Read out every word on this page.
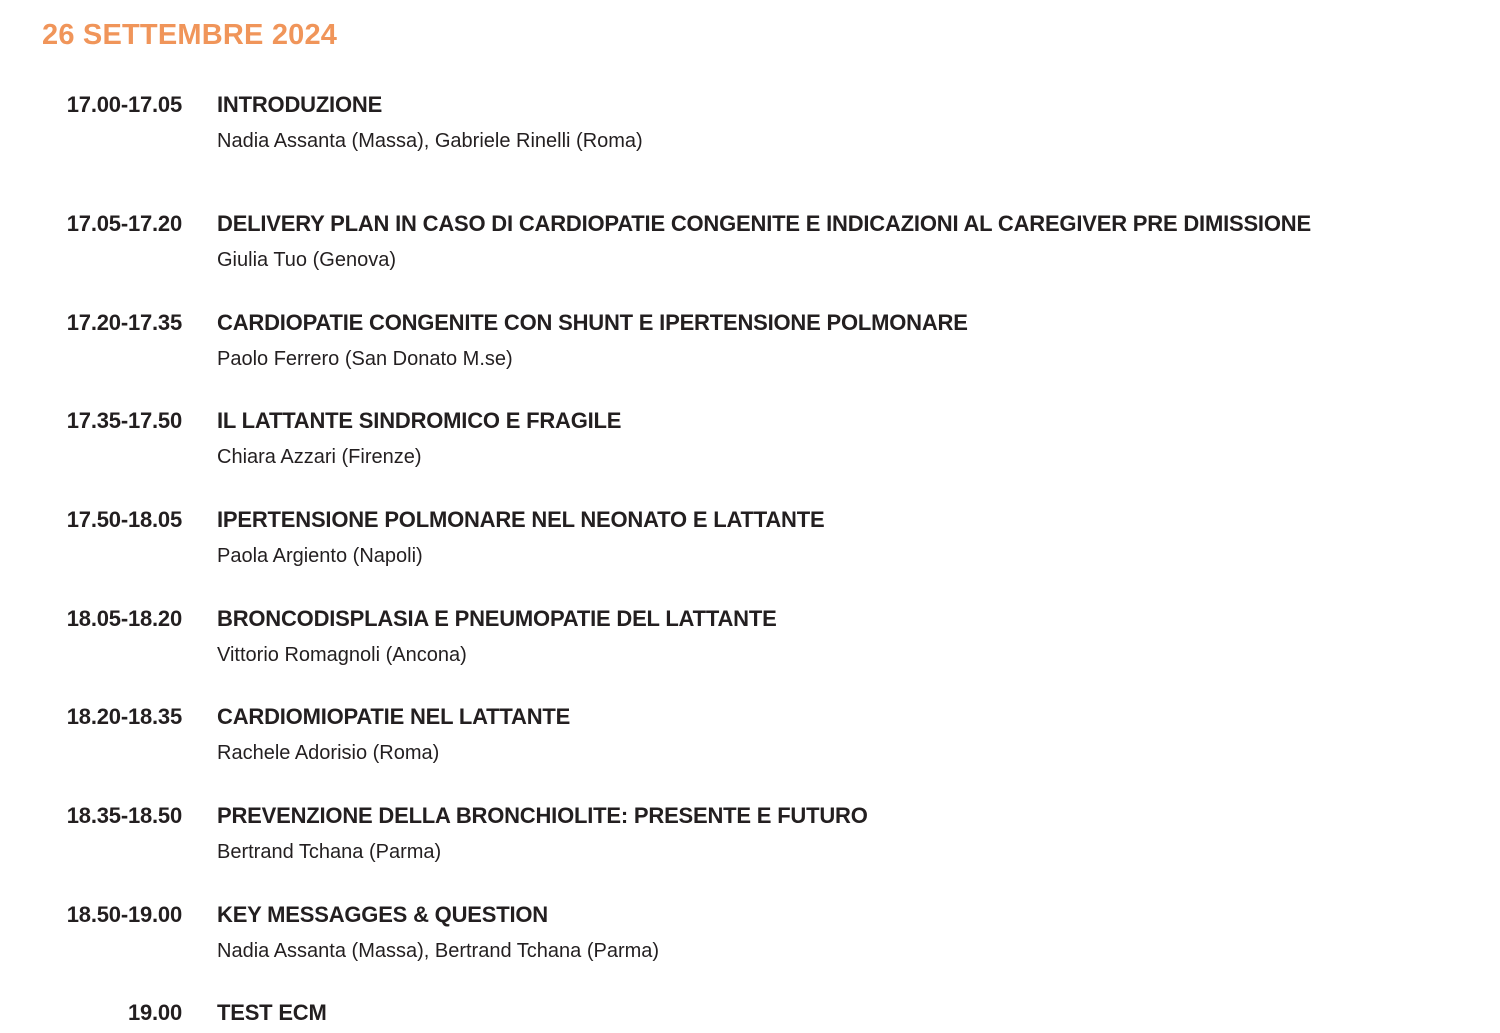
26 SETTEMBRE 2024
17.00-17.05 INTRODUZIONE
Nadia Assanta (Massa), Gabriele Rinelli (Roma)
17.05-17.20 DELIVERY PLAN IN CASO DI CARDIOPATIE CONGENITE E INDICAZIONI AL CAREGIVER PRE DIMISSIONE
Giulia Tuo (Genova)
17.20-17.35 CARDIOPATIE CONGENITE CON SHUNT E IPERTENSIONE POLMONARE
Paolo Ferrero (San Donato M.se)
17.35-17.50 IL LATTANTE SINDROMICO E FRAGILE
Chiara Azzari (Firenze)
17.50-18.05 IPERTENSIONE POLMONARE NEL NEONATO E LATTANTE
Paola Argiento (Napoli)
18.05-18.20 BRONCODISPLASIA E PNEUMOPATIE DEL LATTANTE
Vittorio Romagnoli (Ancona)
18.20-18.35 CARDIOMIOPATIE NEL LATTANTE
Rachele Adorisio (Roma)
18.35-18.50 PREVENZIONE DELLA BRONCHIOLITE: PRESENTE E FUTURO
Bertrand Tchana (Parma)
18.50-19.00 KEY MESSAGGES & QUESTION
Nadia Assanta (Massa), Bertrand Tchana (Parma)
19.00 TEST ECM
